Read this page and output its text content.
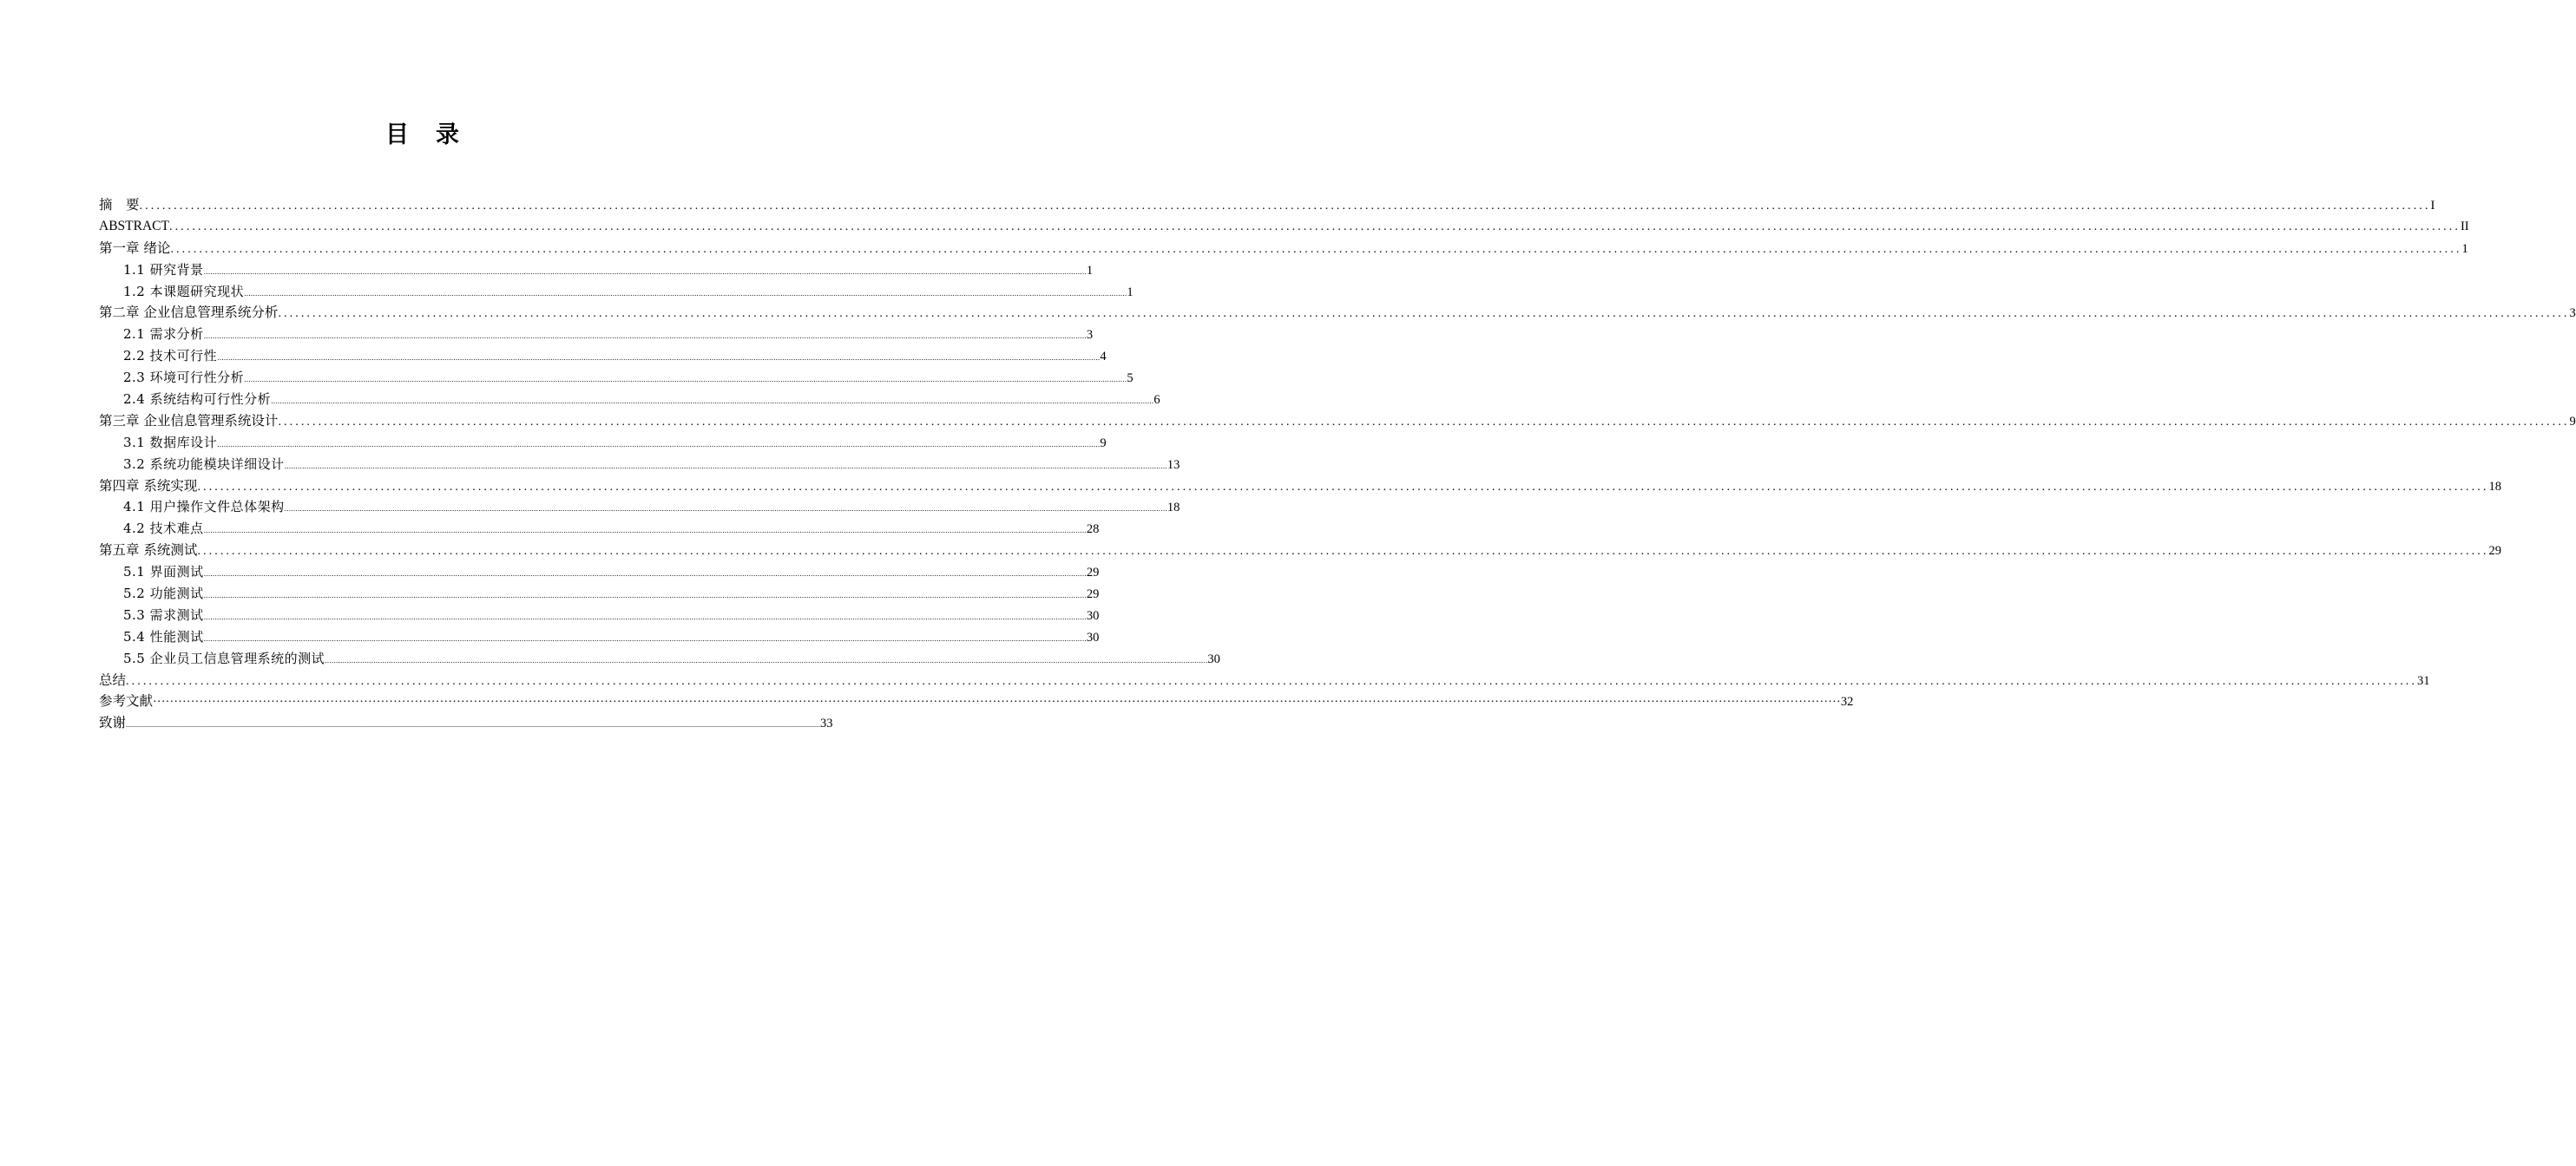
目　录
摘　要 ................................................................................................................................................................................................................................................................................................................................................................................................................ I
ABSTRACT ................................................................................................................................................................................................................................................................................................................................................................................................................ II
第一章 绪论 ................................................................................................................................................................................................................................................................................................................................................................................................................ 1
1.1 研究背景 ................................................................................................................................................................................................................................................................................................................................................................................................................ 1
1.2 本课题研究现状 ................................................................................................................................................................................................................................................................................................................................................................................................................ 1
第二章 企业信息管理系统分析 ................................................................................................................................................................................................................................................................................................................................................................................................................ 3
2.1 需求分析 ................................................................................................................................................................................................................................................................................................................................................................................................................ 3
2.2 技术可行性 ................................................................................................................................................................................................................................................................................................................................................................................................................ 4
2.3 环境可行性分析 ................................................................................................................................................................................................................................................................................................................................................................................................................ 5
2.4 系统结构可行性分析 ................................................................................................................................................................................................................................................................................................................................................................................................................ 6
第三章 企业信息管理系统设计 ................................................................................................................................................................................................................................................................................................................................................................................................................ 9
3.1 数据库设计 ................................................................................................................................................................................................................................................................................................................................................................................................................ 9
3.2 系统功能模块详细设计 ................................................................................................................................................................................................................................................................................................................................................................................................................ 13
第四章 系统实现 ................................................................................................................................................................................................................................................................................................................................................................................................................ 18
4.1 用户操作文件总体架构 ................................................................................................................................................................................................................................................................................................................................................................................................................ 18
4.2 技术难点 ................................................................................................................................................................................................................................................................................................................................................................................................................ 28
第五章 系统测试 ................................................................................................................................................................................................................................................................................................................................................................................................................ 29
5.1 界面测试 ................................................................................................................................................................................................................................................................................................................................................................................................................ 29
5.2 功能测试 ................................................................................................................................................................................................................................................................................................................................................................................................................ 29
5.3 需求测试 ................................................................................................................................................................................................................................................................................................................................................................................................................ 30
5.4 性能测试 ................................................................................................................................................................................................................................................................................................................................................................................................................ 30
5.5 企业员工信息管理系统的测试 ................................................................................................................................................................................................................................................................................................................................................................................................................ 30
总结 ................................................................................................................................................................................................................................................................................................................................................................................................................ 31
参考文献 ················································································································································································································································································································································································································ 32
致谢 ................................................................................................................................................................................................................................................................................................................................................................................................................ 33
